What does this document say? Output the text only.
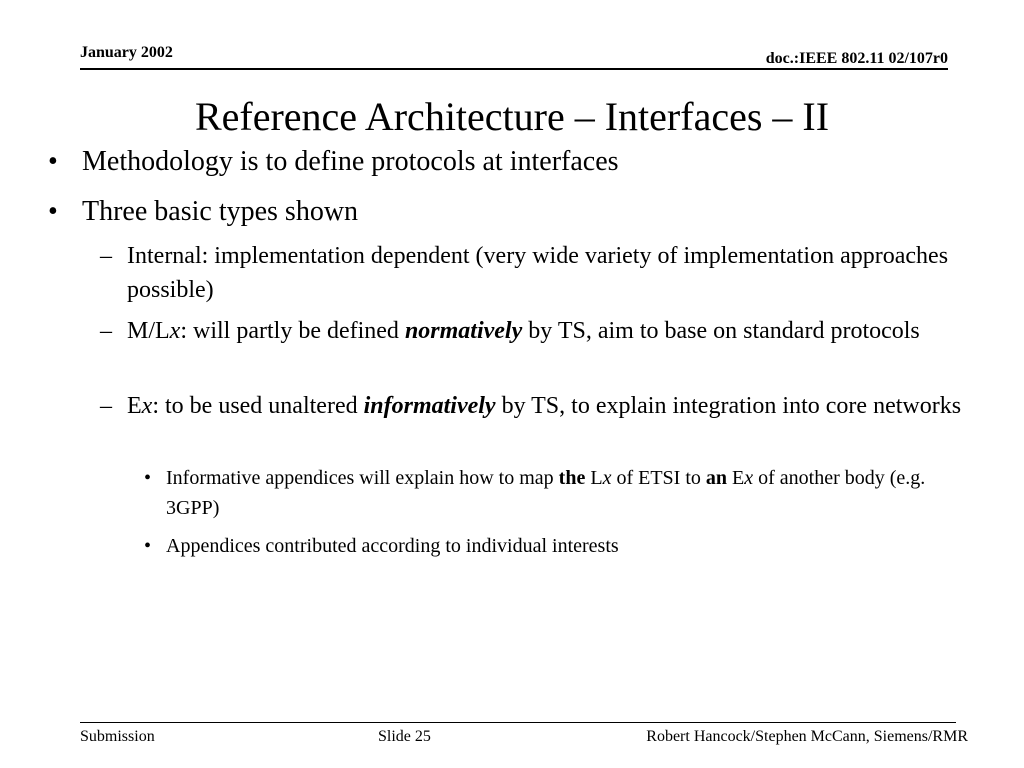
January 2002	doc.:IEEE 802.11 02/107r0
Reference Architecture – Interfaces – II
• Methodology is to define protocols at interfaces
• Three basic types shown
– Internal: implementation dependent (very wide variety of implementation approaches possible)
– M/Lx: will partly be defined normatively by TS, aim to base on standard protocols
– Ex: to be used unaltered informatively by TS, to explain integration into core networks
• Informative appendices will explain how to map the Lx of ETSI to an Ex of another body (e.g. 3GPP)
• Appendices contributed according to individual interests
Submission	Slide 25	Robert Hancock/Stephen McCann, Siemens/RMR
